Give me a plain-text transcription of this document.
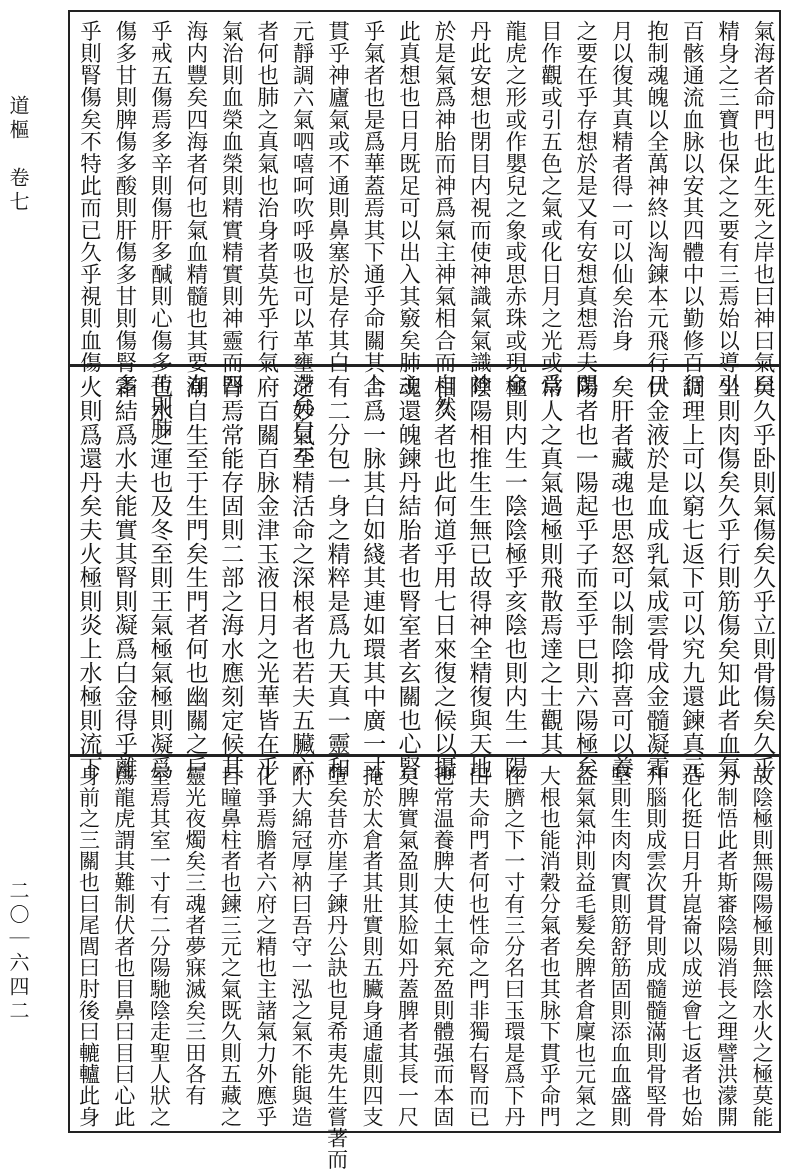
道樞　卷七
二〇｜六四二
氣海者命門也此生死之岸也曰神曰氣曰
精身之三寶也保之之要有三焉始以導引
百骸通流血脉以安其四體中以勤修百行
抱制魂魄以全萬神終以淘鍊本元飛行日
月以復其真精者得一可以仙矣治身
之要在乎存想於是又有安想真想焉夫閉
目作觀或引五色之氣或化日月之光或爲
龍虎之形或作嬰兒之象或思赤珠或現金
丹此安想也閉目内視而使神識氣氣識神
於是氣爲神胎而神爲氣主神氣相合而自然
此真想也日月既足可以出入其竅矣肺主
乎氣者也是爲華蓋焉其下通乎命關其上
貫乎神廬氣或不通則鼻塞於是存其白
元靜調六氣呬嘻呵吹呼吸也可以革壅滯矣白元
者何也肺之真氣也治身者莫先乎行氣
氣治則血榮血榮則精實精實則神靈而四
海内豐矣四海者何也氣血精髓也其要在
乎戒五傷焉多辛則傷肝多醎則心傷多苦則肺
傷多甘則脾傷多酸則肝傷多甘則傷腎多
乎則腎傷矣不特此而已久乎視則血傷
矣久乎卧則氣傷矣久乎立則骨傷矣久乎
坐則肉傷矣久乎行則筋傷矣知此者血氣
調理上可以窮七返下可以究九還鍊真元
伏金液於是血成乳氣成雲骨成金髓凝霜
矣肝者藏魂也思怒可以制陰抑喜可以養
陽者也一陽起乎子而至乎巳則六陽極矣
常人之真氣過極則飛散焉達之士觀其
極則内生一陰陰極乎亥陰也則内生一陽
陰陽相推生生無已故得神全精復與天地
相久者也此何道乎用七日來復之候以攝
魂還魄鍊丹結胎者也腎室者玄關也心腎
合爲一脉其白如綫其連如環其中廣一寸
有二分包一身之精粹是爲九天真一靈和
之妙氣至精活命之深根者也若夫五臟六
府百關百脉金津玉液日月之光華皆在乎
腎焉常能存固則二部之海水應刻定候其
潮自生至于生門矣生門者何也幽關之戶
也水之運也及冬至則王氣極氣極則凝爲
霜結爲水夫能實其腎則凝爲白金得乎離
火則爲還丹矣夫火極則炎上水極則流下
故陰極則無陽陽極則無陰水火之極莫能
力制悟此者斯審陰陽消長之理譬洪濛開
造化挺日月升崑崙以成逆會七返者也始
升腦則成雲次貫骨則成髓髓滿則骨堅骨
堅則生肉肉實則筋舒筋固則添血血盛則
益氣氣沖則益毛髮矣脾者倉廩也元氣之
大根也能消穀分氣者也其脉下貫乎命門
在臍之下一寸有三分名曰玉環是爲下丹
田夫命門者何也性命之門非獨右腎而已
也常温養脾大使土氣充盈則體强而本固
矣脾實氣盈則其脸如丹蓋脾者其長一尺
掩於太倉者其壯實則五臟身通虛則四支
墮矣昔亦崖子鍊丹公訣也見希夷先生嘗著而
附大綿冠厚衲曰吾守一泓之氣不能與造
化爭焉膽者六府之精也主諸氣力外應乎
目瞳鼻柱者也鍊三元之氣既久則五藏之
靈光夜燭矣三魂者夢寐滅矣三田各有
室焉其室一寸有二分陽馳陰走聖人狀之
爲龍虎謂其難制伏者也目鼻曰目曰心此
身前之三關也曰尾閭曰肘後曰轆轤此身
